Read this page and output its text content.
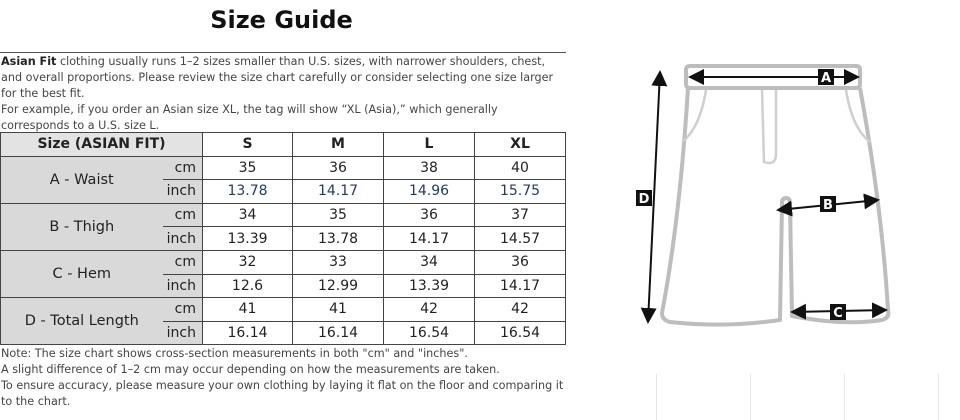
Size Guide
Asian Fit clothing usually runs 1–2 sizes smaller than U.S. sizes, with narrower shoulders, chest, and overall proportions. Please review the size chart carefully or consider selecting one size larger for the best fit.
For example, if you order an Asian size XL, the tag will show “XL (Asia),” which generally corresponds to a U.S. size L.
Size (ASIAN FIT)		S	M	L	XL
A - Waist	cm	35	36	38	40
	inch	13.78	14.17	14.96	15.75
B - Thigh	cm	34	35	36	37
	inch	13.39	13.78	14.17	14.57
C - Hem	cm	32	33	34	36
	inch	12.6	12.99	13.39	14.17
D - Total Length	cm	41	41	42	42
	inch	16.14	16.14	16.54	16.54
Note: The size chart shows cross-section measurements in both "cm" and "inches".
A slight difference of 1–2 cm may occur depending on how the measurements are taken.
To ensure accuracy, please measure your own clothing by laying it flat on the floor and comparing it to the chart.
A
B
C
D
